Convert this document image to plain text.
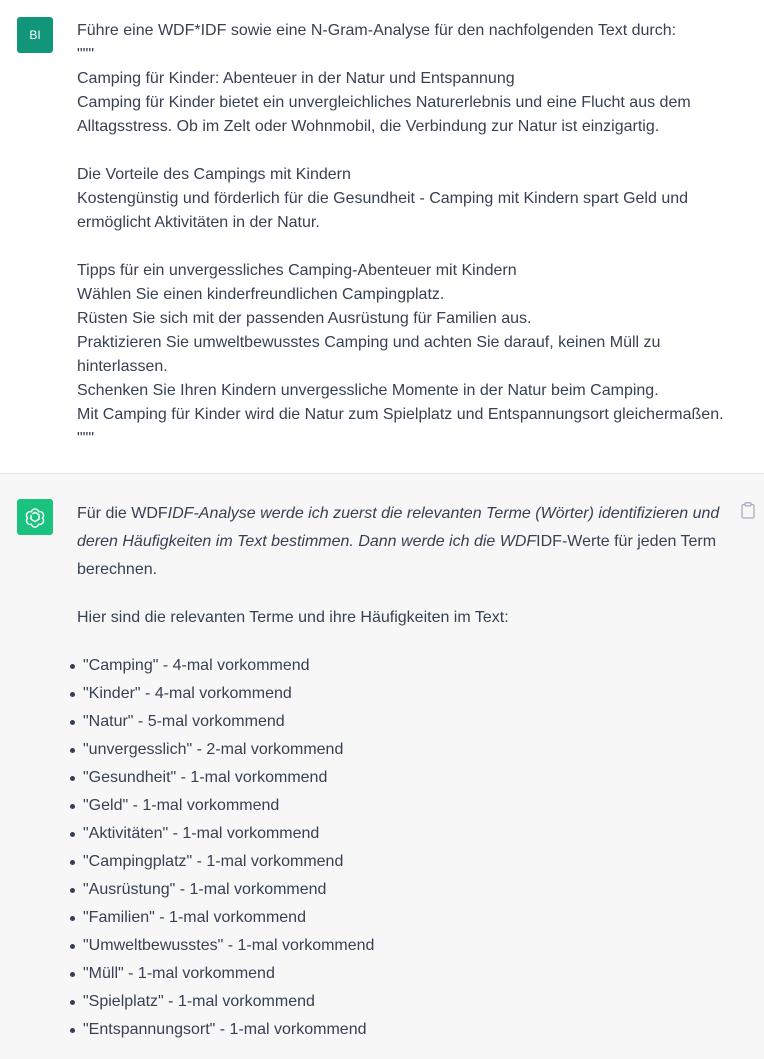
BI Führe eine WDF*IDF sowie eine N-Gram-Analyse für den nachfolgenden Text durch:
"""
Camping für Kinder: Abenteuer in der Natur und Entspannung
Camping für Kinder bietet ein unvergleichliches Naturerlebnis und eine Flucht aus dem
Alltagsstress. Ob im Zelt oder Wohnmobil, die Verbindung zur Natur ist einzigartig.
Die Vorteile des Campings mit Kindern
Kostengünstig und förderlich für die Gesundheit - Camping mit Kindern spart Geld und
ermöglicht Aktivitäten in der Natur.
Tipps für ein unvergessliches Camping-Abenteuer mit Kindern
Wählen Sie einen kinderfreundlichen Campingplatz.
Rüsten Sie sich mit der passenden Ausrüstung für Familien aus.
Praktizieren Sie umweltbewusstes Camping und achten Sie darauf, keinen Müll zu
hinterlassen.
Schenken Sie Ihren Kindern unvergessliche Momente in der Natur beim Camping.
Mit Camping für Kinder wird die Natur zum Spielplatz und Entspannungsort gleichermaßen.
"""

Für die WDFIDF-Analyse werde ich zuerst die relevanten Terme (Wörter) identifizieren und deren Häufigkeiten im Text bestimmen. Dann werde ich die WDFIDF-Werte für jeden Term berechnen.

Hier sind die relevanten Terme und ihre Häufigkeiten im Text:

"Camping" - 4-mal vorkommend
"Kinder" - 4-mal vorkommend
"Natur" - 5-mal vorkommend
"unvergesslich" - 2-mal vorkommend
"Gesundheit" - 1-mal vorkommend
"Geld" - 1-mal vorkommend
"Aktivitäten" - 1-mal vorkommend
"Campingplatz" - 1-mal vorkommend
"Ausrüstung" - 1-mal vorkommend
"Familien" - 1-mal vorkommend
"Umweltbewusstes" - 1-mal vorkommend
"Müll" - 1-mal vorkommend
"Spielplatz" - 1-mal vorkommend
"Entspannungsort" - 1-mal vorkommend
